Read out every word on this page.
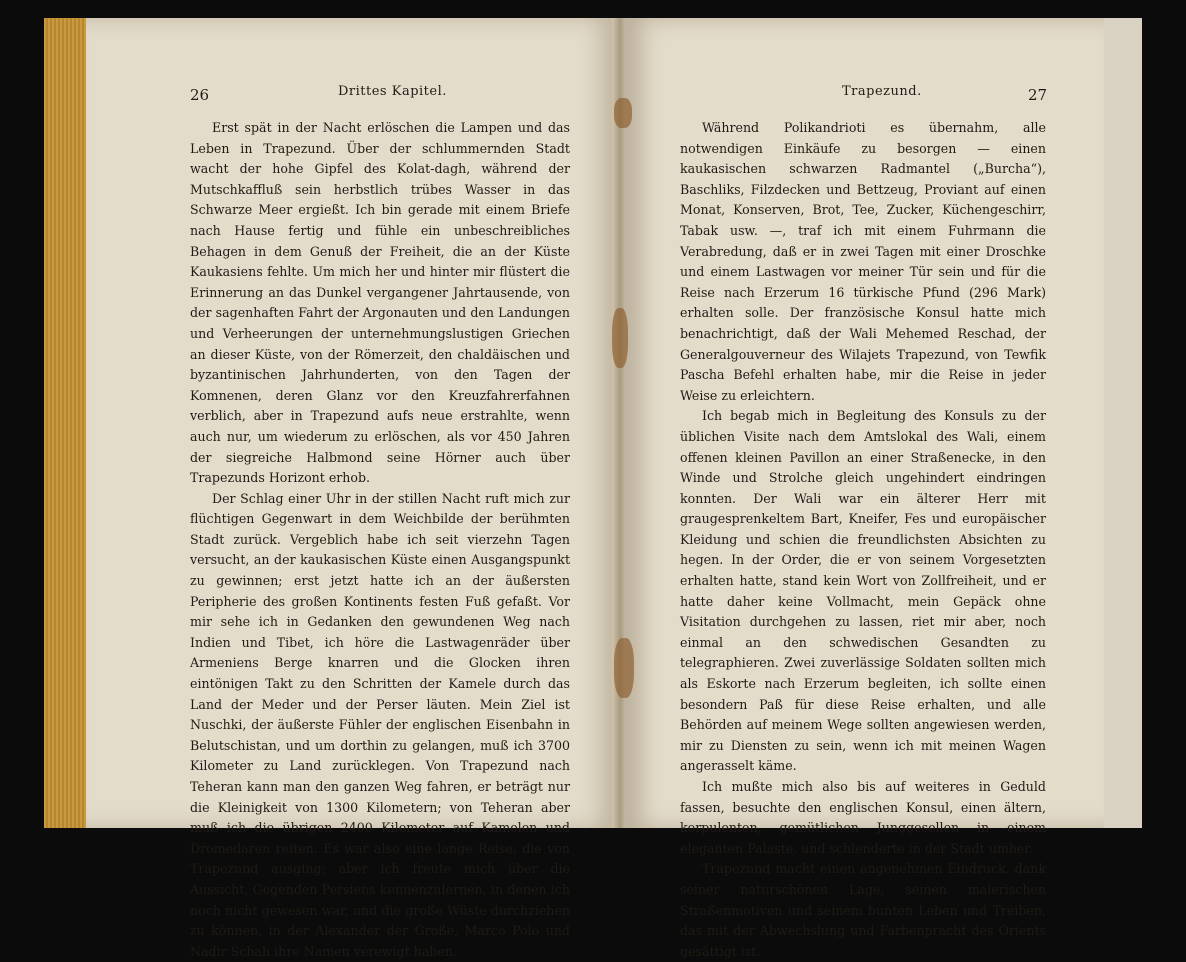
26	Drittes Kapitel.

Erst spät in der Nacht erlöschen die Lampen und das Leben in Trapezund. Über der schlummernden Stadt wacht der hohe Gipfel des Kolat-dagh, während der Mutschkaffluß sein herbstlich trübes Wasser in das Schwarze Meer ergießt. Ich bin gerade mit einem Briefe nach Hause fertig und fühle ein unbeschreibliches Behagen in dem Genuß der Freiheit, die an der Küste Kaukasiens fehlte. Um mich her und hinter mir flüstert die Erinnerung an das Dunkel vergangener Jahrtausende, von der sagenhaften Fahrt der Argonauten und den Landungen und Verheerungen der unternehmungslustigen Griechen an dieser Küste, von der Römerzeit, den chaldäischen und byzantinischen Jahrhunderten, von den Tagen der Komnenen, deren Glanz vor den Kreuzfahrerfahnen verblich, aber in Trapezund aufs neue erstrahlte, wenn auch nur, um wiederum zu erlöschen, als vor 450 Jahren der siegreiche Halbmond seine Hörner auch über Trapezunds Horizont erhob.

Der Schlag einer Uhr in der stillen Nacht ruft mich zur flüchtigen Gegenwart in dem Weichbilde der berühmten Stadt zurück. Vergeblich habe ich seit vierzehn Tagen versucht, an der kaukasischen Küste einen Ausgangspunkt zu gewinnen; erst jetzt hatte ich an der äußersten Peripherie des großen Kontinents festen Fuß gefaßt. Vor mir sehe ich in Gedanken den gewundenen Weg nach Indien und Tibet, ich höre die Lastwagenräder über Armeniens Berge knarren und die Glocken ihren eintönigen Takt zu den Schritten der Kamele durch das Land der Meder und der Perser läuten. Mein Ziel ist Nuschki, der äußerste Fühler der englischen Eisenbahn in Belutschistan, und um dorthin zu gelangen, muß ich 3700 Kilometer zu Land zurücklegen. Von Trapezund nach Teheran kann man den ganzen Weg fahren, er beträgt nur die Kleinigkeit von 1300 Kilometern; von Teheran aber muß ich die übrigen 2400 Kilometer auf Kamelen und Dromedaren reiten. Es war also eine lange Reise, die von Trapezund ausging; aber ich freute mich über die Aussicht, Gegenden Persiens kennenzulernen, in denen ich noch nicht gewesen war, und die große Wüste durchziehen zu können, in der Alexander der Große, Marco Polo und Nadir Schah ihre Namen verewigt haben.

Trapezund.	27

Während Polikandrioti es übernahm, alle notwendigen Einkäufe zu besorgen — einen kaukasischen schwarzen Radmantel („Burcha“), Baschliks, Filzdecken und Bettzeug, Proviant auf einen Monat, Konserven, Brot, Tee, Zucker, Küchengeschirr, Tabak usw. —, traf ich mit einem Fuhrmann die Verabredung, daß er in zwei Tagen mit einer Droschke und einem Lastwagen vor meiner Tür sein und für die Reise nach Erzerum 16 türkische Pfund (296 Mark) erhalten solle. Der französische Konsul hatte mich benachrichtigt, daß der Wali Mehemed Reschad, der Generalgouverneur des Wilajets Trapezund, von Tewfik Pascha Befehl erhalten habe, mir die Reise in jeder Weise zu erleichtern.

Ich begab mich in Begleitung des Konsuls zu der üblichen Visite nach dem Amtslokal des Wali, einem offenen kleinen Pavillon an einer Straßenecke, in den Winde und Strolche gleich ungehindert eindringen konnten. Der Wali war ein älterer Herr mit graugesprenkeltem Bart, Kneifer, Fes und europäischer Kleidung und schien die freundlichsten Absichten zu hegen. In der Order, die er von seinem Vorgesetzten erhalten hatte, stand kein Wort von Zollfreiheit, und er hatte daher keine Vollmacht, mein Gepäck ohne Visitation durchgehen zu lassen, riet mir aber, noch einmal an den schwedischen Gesandten zu telegraphieren. Zwei zuverlässige Soldaten sollten mich als Eskorte nach Erzerum begleiten, ich sollte einen besondern Paß für diese Reise erhalten, und alle Behörden auf meinem Wege sollten angewiesen werden, mir zu Diensten zu sein, wenn ich mit meinen Wagen angerasselt käme.

Ich mußte mich also bis auf weiteres in Geduld fassen, besuchte den englischen Konsul, einen ältern, korpulenten, gemütlichen Junggesellen in einem eleganten Palaste, und schlenderte in der Stadt umher.

Trapezund macht einen angenehmen Eindruck, dank seiner naturschönen Lage, seinen malerischen Straßenmotiven und seinem bunten Leben und Treiben, das mit der Abwechslung und Farbenpracht des Orients gesättigt ist.
